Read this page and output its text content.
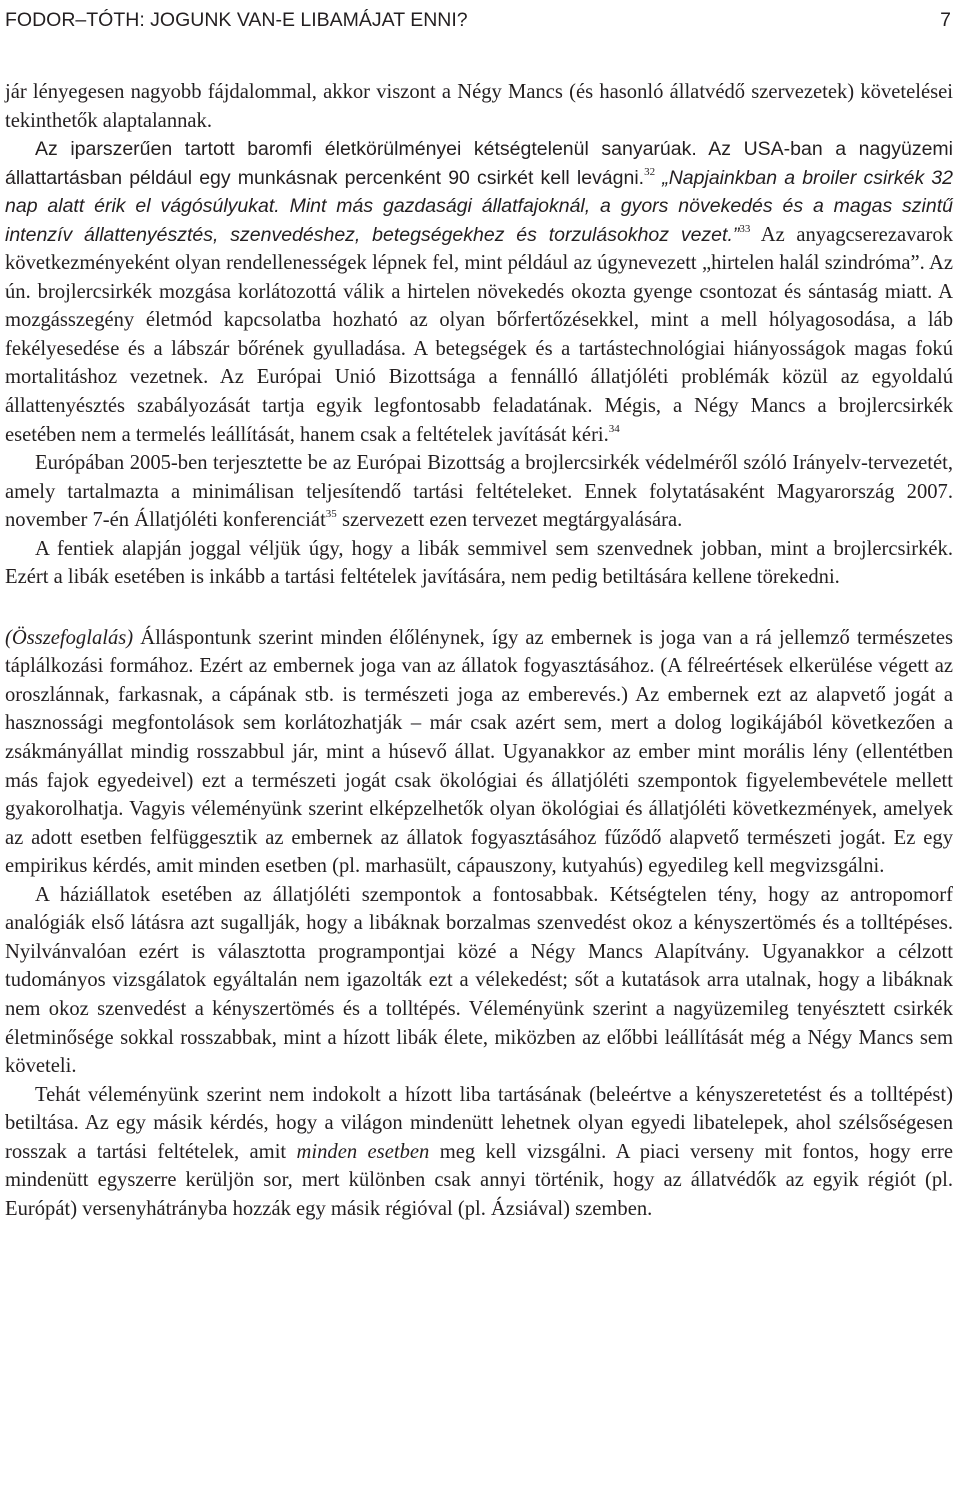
FODOR–TÓTH: JOGUNK VAN-E LIBAMÁJAT ENNI?	7

jár lényegesen nagyobb fájdalommal, akkor viszont a Négy Mancs (és hasonló állatvédő szervezetek) követelései tekinthetők alaptalannak.

Az iparszerűen tartott baromfi életkörülményei kétségtelenül sanyarúak. Az USA-ban a nagyüzemi állattartásban például egy munkásnak percenként 90 csirkét kell levágni.$^{32}$ „Napjainkban a broiler csirkék 32 nap alatt érik el vágósúlyukat. Mint más gazdasági állatfajoknál, a gyors növekedés és a magas szintű intenzív állattenyésztés, szenvedéshez, betegségekhez és torzulásokhoz vezet.”$^{33}$ Az anyagcserezavarok következményeként olyan rendellenességek lépnek fel, mint például az úgynevezett „hirtelen halál szindróma”. Az ún. brojlercsirkék mozgása korlátozottá válik a hirtelen növekedés okozta gyenge csontozat és sántaság miatt. A mozgásszegény életmód kapcsolatba hozható az olyan bőrfertőzésekkel, mint a mell hólyagosodása, a láb fekélyesedése és a lábszár bőrének gyulladása. A betegségek és a tartástechnológiai hiányosságok magas fokú mortalitáshoz vezetnek. Az Európai Unió Bizottsága a fennálló állatjóléti problémák közül az egyoldalú állattenyésztés szabályozását tartja egyik legfontosabb feladatának. Mégis, a Négy Mancs a brojlercsirkék esetében nem a termelés leállítását, hanem csak a feltételek javítását kéri.$^{34}$

Európában 2005-ben terjesztette be az Európai Bizottság a brojlercsirkék védelméről szóló Irányelv-tervezetét, amely tartalmazta a minimálisan teljesítendő tartási feltételeket. Ennek folytatásaként Magyarország 2007. november 7-én Állatjóléti konferenciát$^{35}$ szervezett ezen tervezet megtárgyalására.

A fentiek alapján joggal véljük úgy, hogy a libák semmivel sem szenvednek jobban, mint a brojlercsirkék. Ezért a libák esetében is inkább a tartási feltételek javítására, nem pedig betiltására kellene törekedni.

(Összefoglalás) Álláspontunk szerint minden élőlénynek, így az embernek is joga van a rá jellemző természetes táplálkozási formához. Ezért az embernek joga van az állatok fogyasztásához. (A félreértések elkerülése végett az oroszlánnak, farkasnak, a cápának stb. is természeti joga az emberevés.) Az embernek ezt az alapvető jogát a hasznossági megfontolások sem korlátozhatják – már csak azért sem, mert a dolog logikájából következően a zsákmányállat mindig rosszabbul jár, mint a húsevő állat. Ugyanakkor az ember mint morális lény (ellentétben más fajok egyedeivel) ezt a természeti jogát csak ökológiai és állatjóléti szempontok figyelembevétele mellett gyakorolhatja. Vagyis véleményünk szerint elképzelhetők olyan ökológiai és állatjóléti következmények, amelyek az adott esetben felfüggesztik az embernek az állatok fogyasztásához fűződő alapvető természeti jogát. Ez egy empirikus kérdés, amit minden esetben (pl. marhasült, cápauszony, kutyahús) egyedileg kell megvizsgálni.

A háziállatok esetében az állatjóléti szempontok a fontosabbak. Kétségtelen tény, hogy az antropomorf analógiák első látásra azt sugallják, hogy a libáknak borzalmas szenvedést okoz a kényszertömés és a tolltépéses. Nyilvánvalóan ezért is választotta programpontjai közé a Négy Mancs Alapítvány. Ugyanakkor a célzott tudományos vizsgálatok egyáltalán nem igazolták ezt a vélekedést; sőt a kutatások arra utalnak, hogy a libáknak nem okoz szenvedést a kényszertömés és a tolltépés. Véleményünk szerint a nagyüzemileg tenyésztett csirkék életminősége sokkal rosszabbak, mint a hízott libák élete, miközben az előbbi leállítását még a Négy Mancs sem követeli.

Tehát véleményünk szerint nem indokolt a hízott liba tartásának (beleértve a kényszeretetést és a tolltépést) betiltása. Az egy másik kérdés, hogy a világon mindenütt lehetnek olyan egyedi libatelepek, ahol szélsőségesen rosszak a tartási feltételek, amit minden esetben meg kell vizsgálni. A piaci verseny mit fontos, hogy erre mindenütt egyszerre kerüljön sor, mert különben csak annyi történik, hogy az állatvédők az egyik régiót (pl. Európát) versenyhátrányba hozzák egy másik régióval (pl. Ázsiával) szemben.
